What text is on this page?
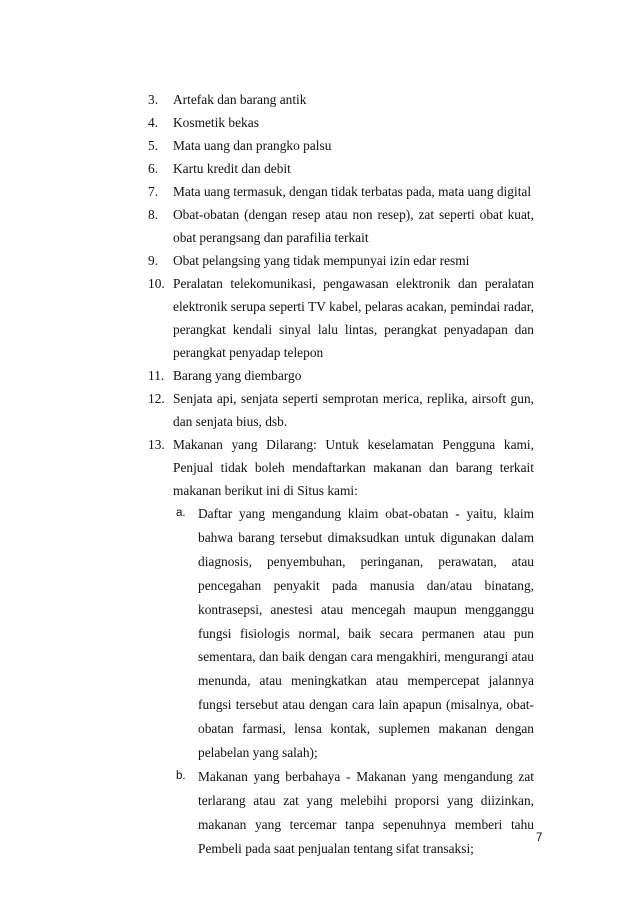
3.	Artefak dan barang antik
4.	Kosmetik bekas
5.	Mata uang dan prangko palsu
6.	Kartu kredit dan debit
7.	Mata uang termasuk, dengan tidak terbatas pada, mata uang digital
8.	Obat-obatan (dengan resep atau non resep), zat seperti obat kuat, obat perangsang dan parafilia terkait
9.	Obat pelangsing yang tidak mempunyai izin edar resmi
10. Peralatan telekomunikasi, pengawasan elektronik dan peralatan elektronik serupa seperti TV kabel, pelaras acakan, pemindai radar, perangkat kendali sinyal lalu lintas, perangkat penyadapan dan perangkat penyadap telepon
11. Barang yang diembargo
12. Senjata api, senjata seperti semprotan merica, replika, airsoft gun, dan senjata bius, dsb.
13. Makanan yang Dilarang: Untuk keselamatan Pengguna kami, Penjual tidak boleh mendaftarkan makanan dan barang terkait makanan berikut ini di Situs kami:
a. Daftar yang mengandung klaim obat-obatan - yaitu, klaim bahwa barang tersebut dimaksudkan untuk digunakan dalam diagnosis, penyembuhan, peringanan, perawatan, atau pencegahan penyakit pada manusia dan/atau binatang, kontrasepsi, anestesi atau mencegah maupun mengganggu fungsi fisiologis normal, baik secara permanen atau pun sementara, dan baik dengan cara mengakhiri, mengurangi atau menunda, atau meningkatkan atau mempercepat jalannya fungsi tersebut atau dengan cara lain apapun (misalnya, obat-obatan farmasi, lensa kontak, suplemen makanan dengan pelabelan yang salah);
b. Makanan yang berbahaya - Makanan yang mengandung zat terlarang atau zat yang melebihi proporsi yang diizinkan, makanan yang tercemar tanpa sepenuhnya memberi tahu Pembeli pada saat penjualan tentang sifat transaksi;
7
